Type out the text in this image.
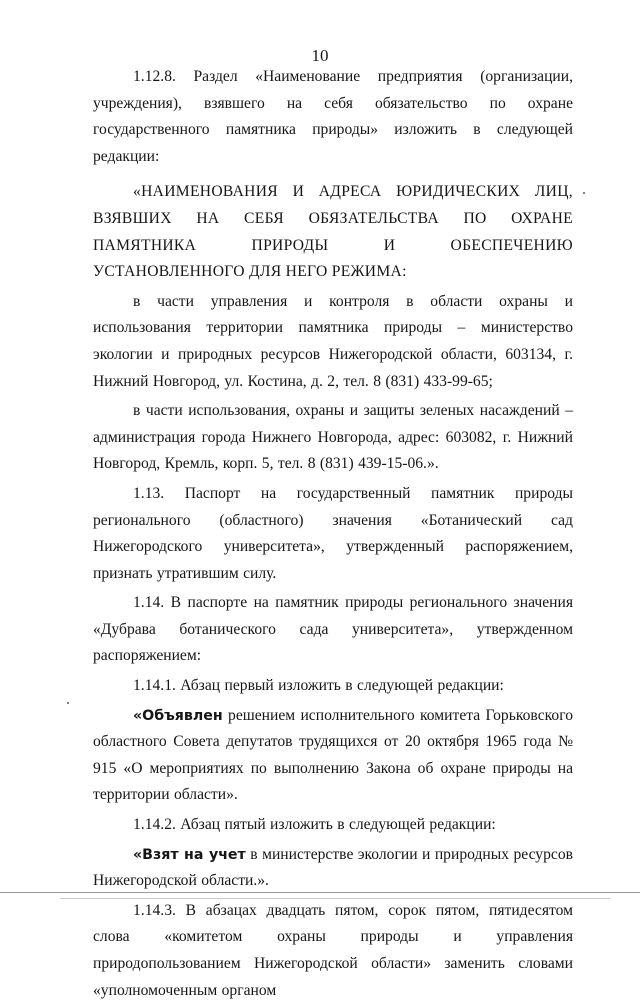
10

1.12.8. Раздел «Наименование предприятия (организации, учреждения), взявшего на себя обязательство по охране государственного памятника природы» изложить в следующей редакции:

«НАИМЕНОВАНИЯ И АДРЕСА ЮРИДИЧЕСКИХ ЛИЦ, ВЗЯВШИХ НА СЕБЯ ОБЯЗАТЕЛЬСТВА ПО ОХРАНЕ ПАМЯТНИКА ПРИРОДЫ И ОБЕСПЕЧЕНИЮ УСТАНОВЛЕННОГО ДЛЯ НЕГО РЕЖИМА:

в части управления и контроля в области охраны и использования территории памятника природы – министерство экологии и природных ресурсов Нижегородской области, 603134, г. Нижний Новгород, ул. Костина, д. 2, тел. 8 (831) 433-99-65;

в части использования, охраны и защиты зеленых насаждений – администрация города Нижнего Новгорода, адрес: 603082, г. Нижний Новгород, Кремль, корп. 5, тел. 8 (831) 439-15-06.».

1.13. Паспорт на государственный памятник природы регионального (областного) значения «Ботанический сад Нижегородского университета», утвержденный распоряжением, признать утратившим силу.

1.14. В паспорте на памятник природы регионального значения «Дубрава ботанического сада университета», утвержденном распоряжением:

1.14.1. Абзац первый изложить в следующей редакции:

«Объявлен решением исполнительного комитета Горьковского областного Совета депутатов трудящихся от 20 октября 1965 года № 915 «О мероприятиях по выполнению Закона об охране природы на территории области».

1.14.2. Абзац пятый изложить в следующей редакции:

«Взят на учет в министерстве экологии и природных ресурсов Нижегородской области.».

1.14.3. В абзацах двадцать пятом, сорок пятом, пятидесятом слова «комитетом охраны природы и управления природопользованием Нижегородской области» заменить словами «уполномоченным органом
